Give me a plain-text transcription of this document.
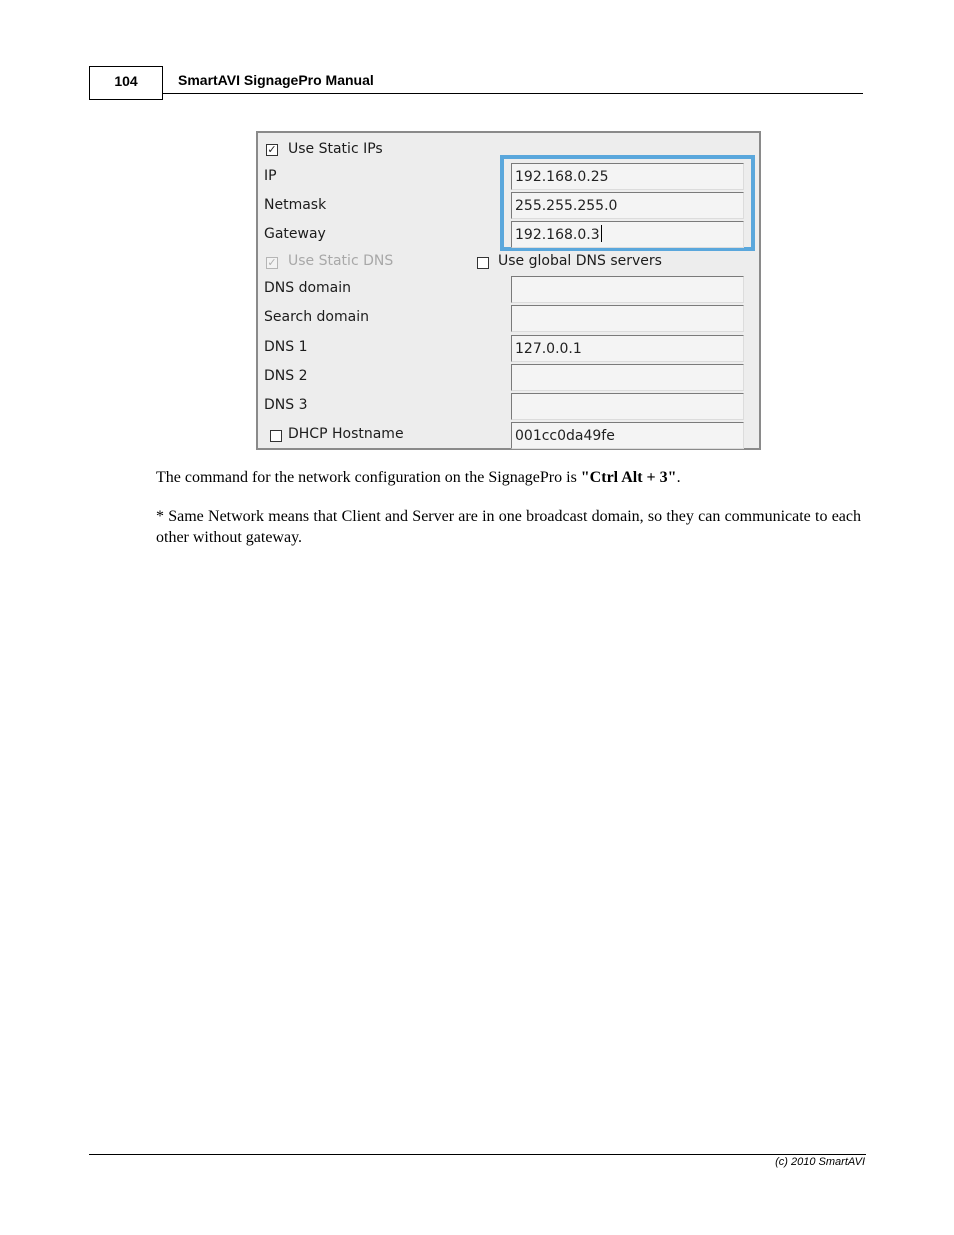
104	SmartAVI SignagePro Manual
✓ Use Static IPs
IP	192.168.0.25
Netmask	255.255.255.0
Gateway	192.168.0.3
✓ Use Static DNS	Use global DNS servers
DNS domain
Search domain
DNS 1	127.0.0.1
DNS 2
DNS 3
DHCP Hostname	001cc0da49fe
The command for the network configuration on the SignagePro is "Ctrl Alt + 3".
* Same Network means that Client and Server are in one broadcast domain, so they can communicate to each other without gateway.
(c) 2010 SmartAVI
